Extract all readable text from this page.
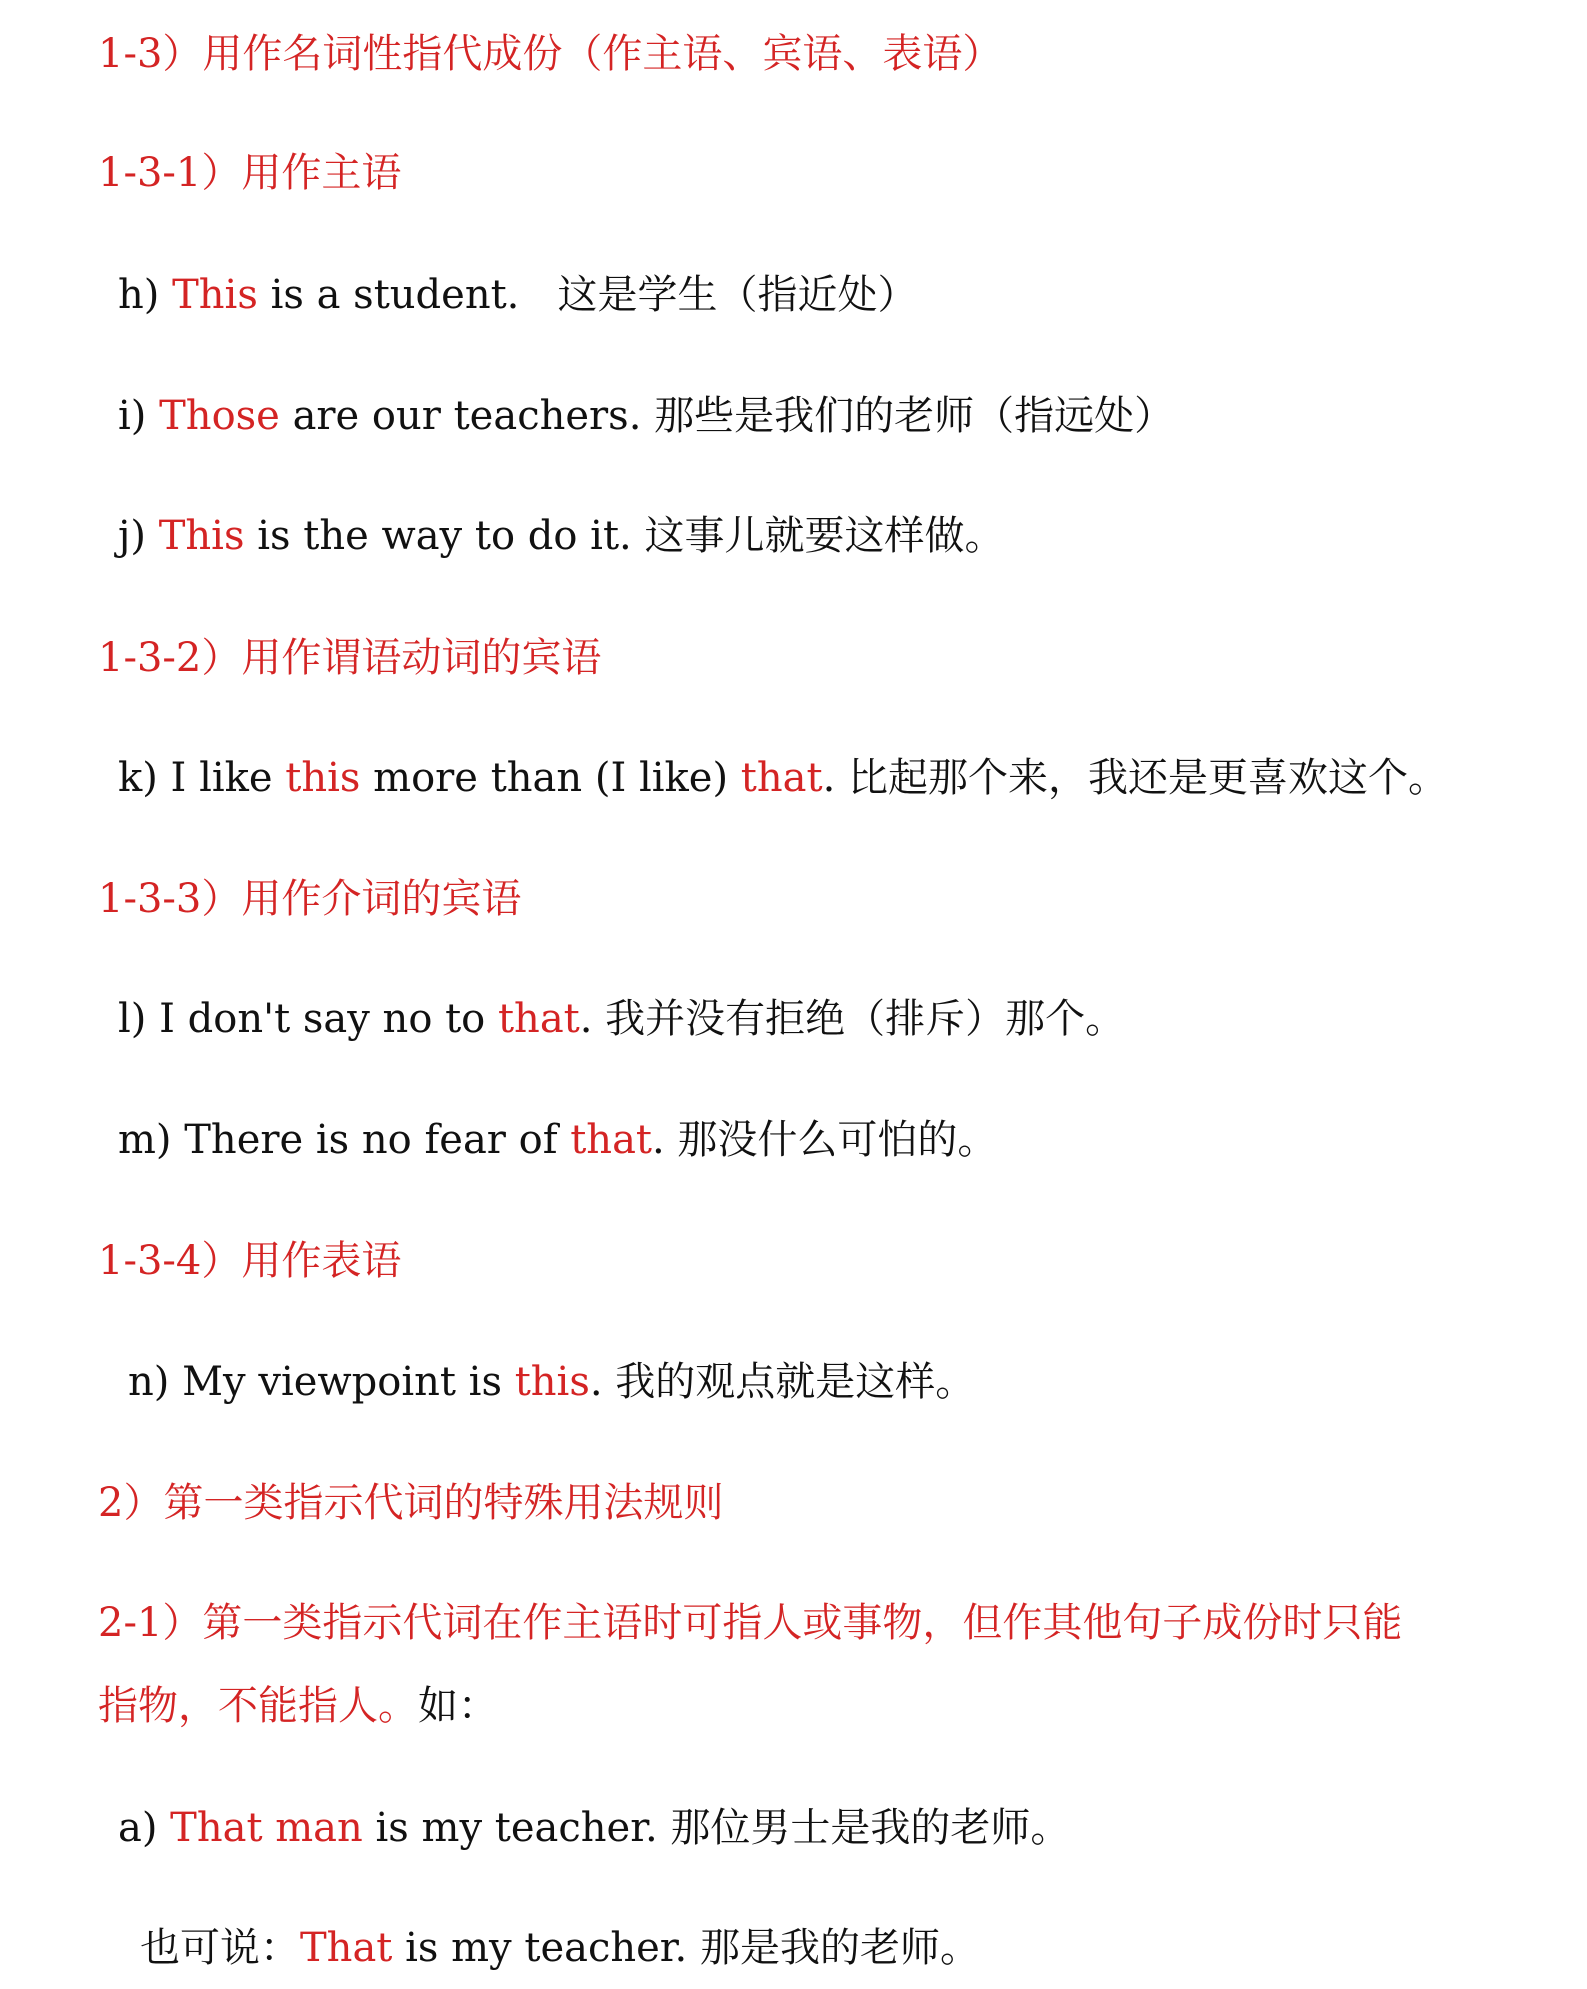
1-3）用作名词性指代成份（作主语、宾语、表语）
1-3-1）用作主语
h) This is a student.   这是学生（指近处）
i) Those are our teachers. 那些是我们的老师（指远处）
j) This is the way to do it. 这事儿就要这样做。
1-3-2）用作谓语动词的宾语
k) I like this more than (I like) that. 比起那个来，我还是更喜欢这个。
1-3-3）用作介词的宾语
l) I don't say no to that. 我并没有拒绝（排斥）那个。
m) There is no fear of that. 那没什么可怕的。
1-3-4）用作表语
n) My viewpoint is this. 我的观点就是这样。
2）第一类指示代词的特殊用法规则
2-1）第一类指示代词在作主语时可指人或事物，但作其他句子成份时只能
指物，不能指人。如：
a) That man is my teacher. 那位男士是我的老师。
也可说：That is my teacher. 那是我的老师。
